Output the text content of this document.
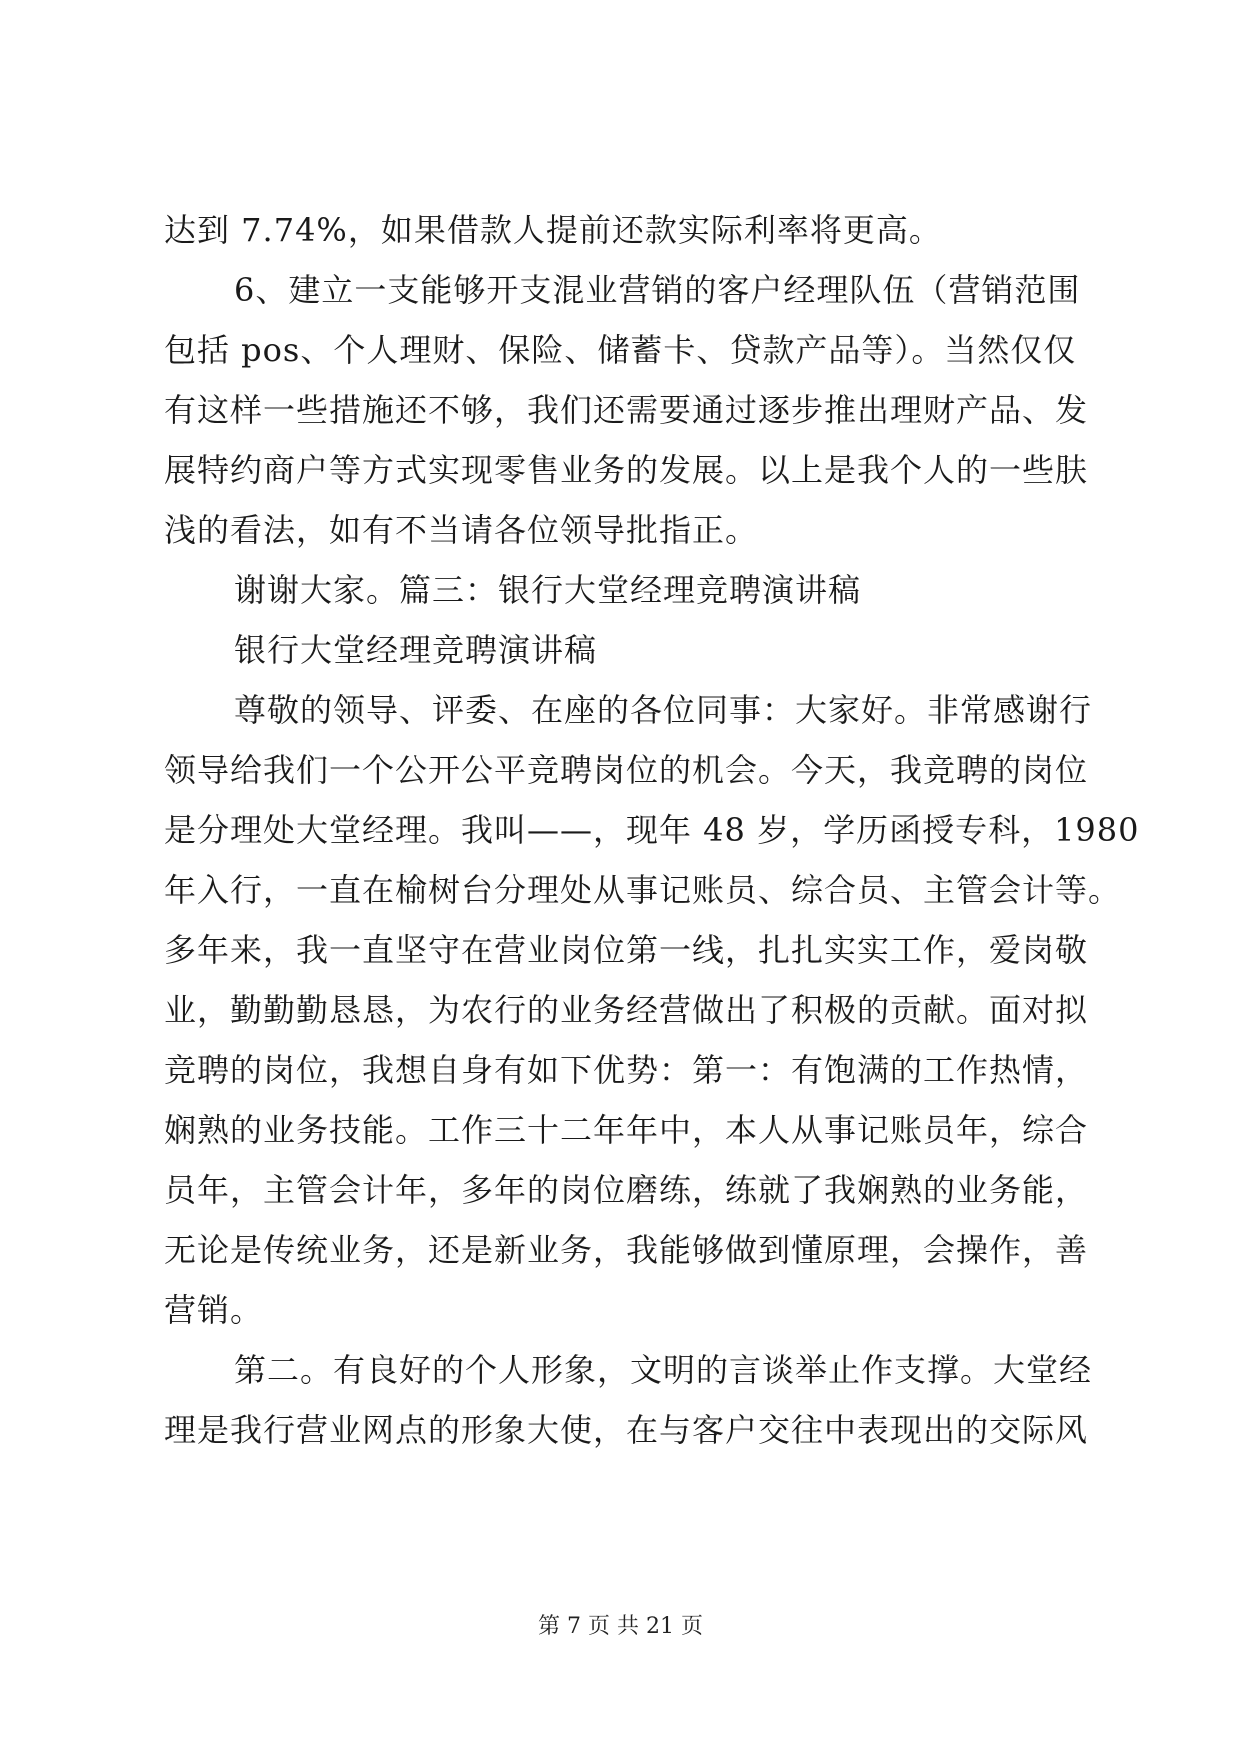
达到 7.74%，如果借款人提前还款实际利率将更高。
6、建立一支能够开支混业营销的客户经理队伍（营销范围
包括 pos、个人理财、保险、储蓄卡、贷款产品等）。当然仅仅
有这样一些措施还不够，我们还需要通过逐步推出理财产品、发
展特约商户等方式实现零售业务的发展。以上是我个人的一些肤
浅的看法，如有不当请各位领导批指正。
谢谢大家。篇三：银行大堂经理竞聘演讲稿
银行大堂经理竞聘演讲稿
尊敬的领导、评委、在座的各位同事：大家好。非常感谢行
领导给我们一个公开公平竞聘岗位的机会。今天，我竞聘的岗位
是分理处大堂经理。我叫——，现年 48 岁，学历函授专科，1980
年入行，一直在榆树台分理处从事记账员、综合员、主管会计等。
多年来，我一直坚守在营业岗位第一线，扎扎实实工作，爱岗敬
业，勤勤勤恳恳，为农行的业务经营做出了积极的贡献。面对拟
竞聘的岗位，我想自身有如下优势：第一：有饱满的工作热情，
娴熟的业务技能。工作三十二年年中，本人从事记账员年，综合
员年，主管会计年，多年的岗位磨练，练就了我娴熟的业务能，
无论是传统业务，还是新业务，我能够做到懂原理，会操作，善
营销。
第二。有良好的个人形象，文明的言谈举止作支撑。大堂经
理是我行营业网点的形象大使，在与客户交往中表现出的交际风
第 7 页 共 21 页
